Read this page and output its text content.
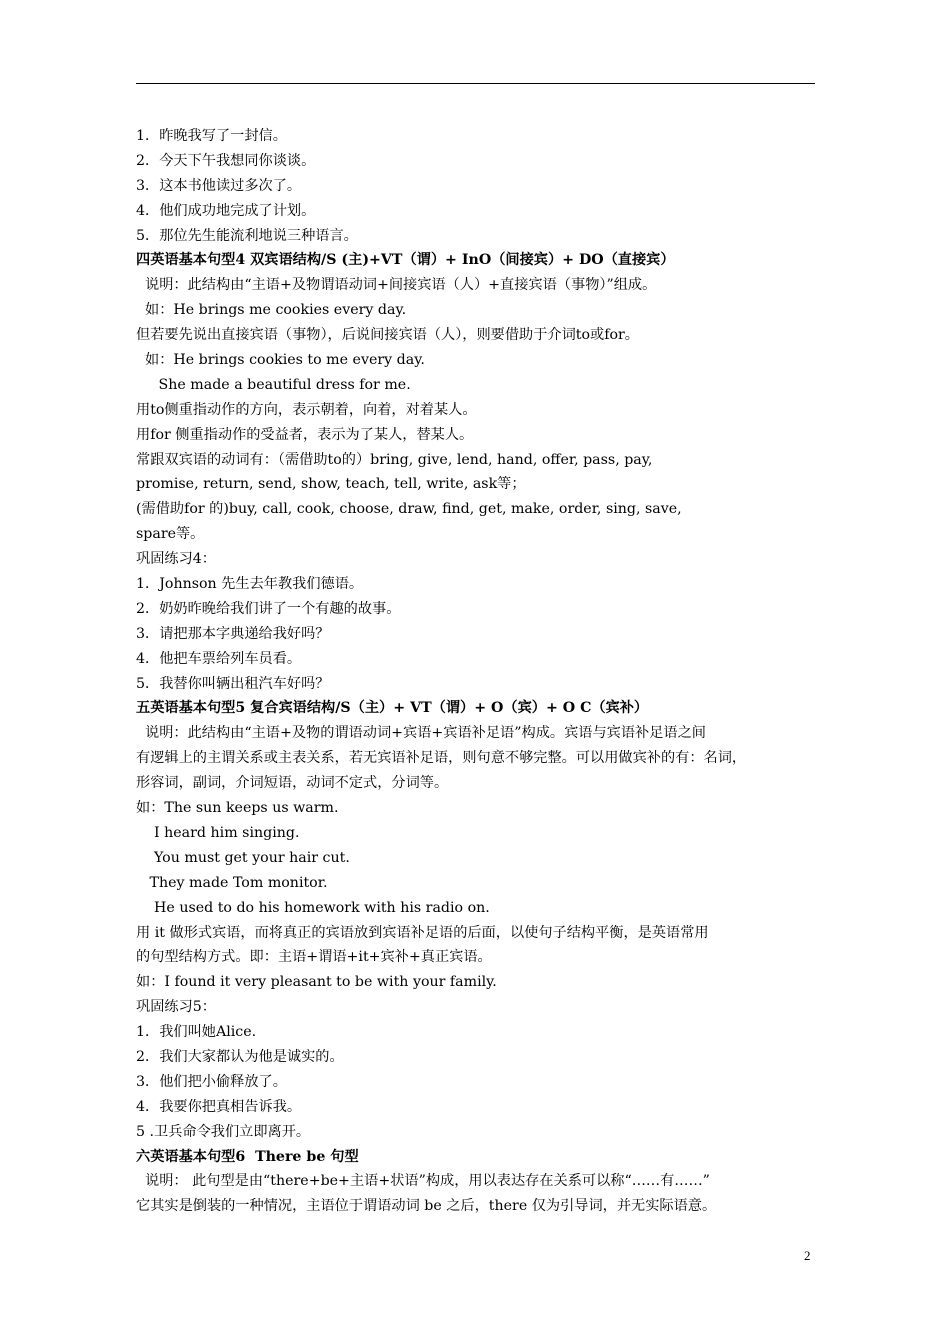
1．昨晚我写了一封信。
2．今天下午我想同你谈谈。
3．这本书他读过多次了。
4．他们成功地完成了计划。
5．那位先生能流利地说三种语言。
四英语基本句型4 双宾语结构/S (主)+VT（谓）+ InO（间接宾）+ DO（直接宾）
说明：此结构由“主语+及物谓语动词+间接宾语（人）+直接宾语（事物）”组成。
如：He brings me cookies every day.
但若要先说出直接宾语（事物），后说间接宾语（人），则要借助于介词to或for。
如：He brings cookies to me every day.
She made a beautiful dress for me.
用to侧重指动作的方向，表示朝着，向着，对着某人。
用for 侧重指动作的受益者，表示为了某人，替某人。
常跟双宾语的动词有：（需借助to的）bring, give, lend, hand, offer, pass, pay,
promise, return, send, show, teach, tell, write, ask等；
(需借助for 的)buy, call, cook, choose, draw, find, get, make, order, sing, save,
spare等。
巩固练习4：
1．Johnson 先生去年教我们德语。
2．奶奶昨晚给我们讲了一个有趣的故事。
3．请把那本字典递给我好吗？
4．他把车票给列车员看。
5．我替你叫辆出租汽车好吗？
五英语基本句型5 复合宾语结构/S（主）+ VT（谓）+ O（宾）+ O C（宾补）
说明：此结构由“主语+及物的谓语动词+宾语+宾语补足语”构成。宾语与宾语补足语之间
有逻辑上的主谓关系或主表关系，若无宾语补足语，则句意不够完整。可以用做宾补的有：名词，
形容词，副词，介词短语，动词不定式，分词等。
如：The sun keeps us warm.
I heard him singing.
You must get your hair cut.
They made Tom monitor.
He used to do his homework with his radio on.
用 it 做形式宾语，而将真正的宾语放到宾语补足语的后面，以使句子结构平衡，是英语常用
的句型结构方式。即：主语+谓语+it+宾补+真正宾语。
如：I found it very pleasant to be with your family.
巩固练习5：
1．我们叫她Alice.
2．我们大家都认为他是诚实的。
3．他们把小偷释放了。
4．我要你把真相告诉我。
5 .卫兵命令我们立即离开。
六英语基本句型6  There be 句型
说明： 此句型是由“there+be+主语+状语”构成，用以表达存在关系可以称“……有……”
它其实是倒装的一种情况，主语位于谓语动词 be 之后，there 仅为引导词，并无实际语意。
2
